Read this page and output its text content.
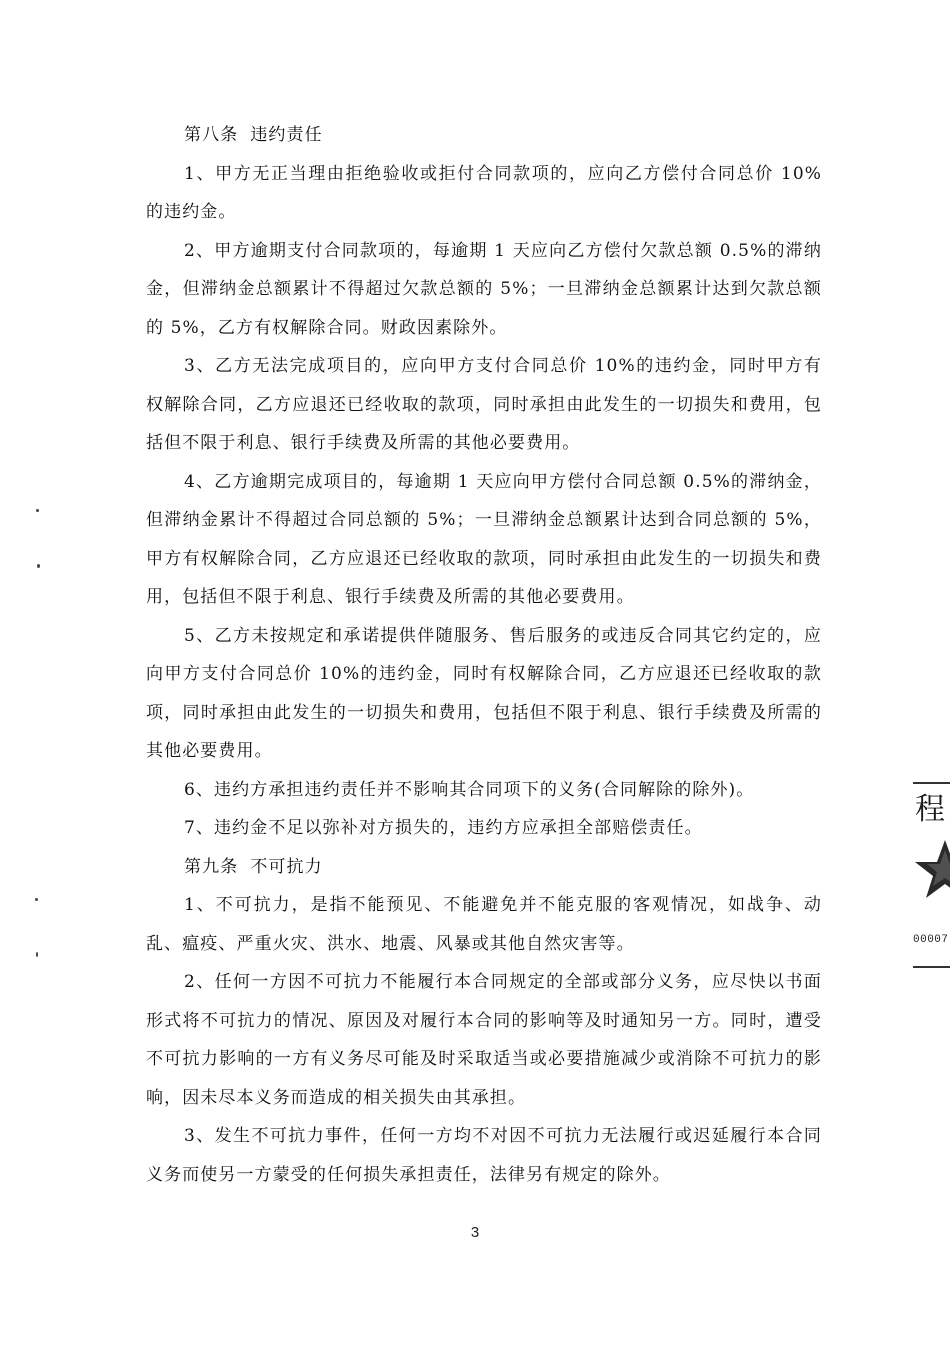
第八条 违约责任

1、甲方无正当理由拒绝验收或拒付合同款项的，应向乙方偿付合同总价 10%的违约金。

2、甲方逾期支付合同款项的，每逾期 1 天应向乙方偿付欠款总额 0.5%的滞纳金，但滞纳金总额累计不得超过欠款总额的 5%；一旦滞纳金总额累计达到欠款总额的 5%，乙方有权解除合同。财政因素除外。

3、乙方无法完成项目的，应向甲方支付合同总价 10%的违约金，同时甲方有权解除合同，乙方应退还已经收取的款项，同时承担由此发生的一切损失和费用，包括但不限于利息、银行手续费及所需的其他必要费用。

4、乙方逾期完成项目的，每逾期 1 天应向甲方偿付合同总额 0.5%的滞纳金，但滞纳金累计不得超过合同总额的 5%；一旦滞纳金总额累计达到合同总额的 5%，甲方有权解除合同，乙方应退还已经收取的款项，同时承担由此发生的一切损失和费用，包括但不限于利息、银行手续费及所需的其他必要费用。

5、乙方未按规定和承诺提供伴随服务、售后服务的或违反合同其它约定的，应向甲方支付合同总价 10%的违约金，同时有权解除合同，乙方应退还已经收取的款项，同时承担由此发生的一切损失和费用，包括但不限于利息、银行手续费及所需的其他必要费用。

6、违约方承担违约责任并不影响其合同项下的义务(合同解除的除外)。

7、违约金不足以弥补对方损失的，违约方应承担全部赔偿责任。

第九条 不可抗力

1、不可抗力，是指不能预见、不能避免并不能克服的客观情况，如战争、动乱、瘟疫、严重火灾、洪水、地震、风暴或其他自然灾害等。

2、任何一方因不可抗力不能履行本合同规定的全部或部分义务，应尽快以书面形式将不可抗力的情况、原因及对履行本合同的影响等及时通知另一方。同时，遭受不可抗力影响的一方有义务尽可能及时采取适当或必要措施减少或消除不可抗力的影响，因未尽本义务而造成的相关损失由其承担。

3、发生不可抗力事件，任何一方均不对因不可抗力无法履行或迟延履行本合同义务而使另一方蒙受的任何损失承担责任，法律另有规定的除外。

3
程
00007
